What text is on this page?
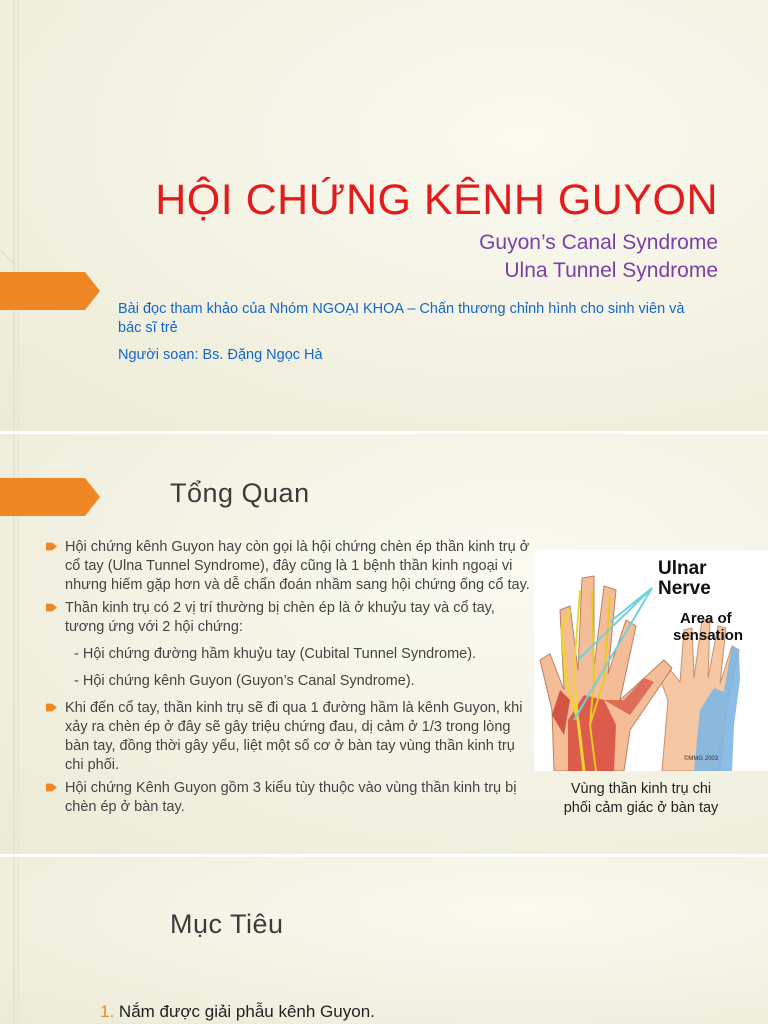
HỘI CHỨNG KÊNH GUYON
Guyon’s Canal Syndrome
Ulna Tunnel Syndrome
Bài đọc tham khảo của Nhóm NGOẠI KHOA – Chấn thương chỉnh hình cho sinh viên và bác sĩ trẻ
Người soạn: Bs. Đặng Ngọc Hà
Tổng Quan
Hội chứng kênh Guyon hay còn gọi là hội chứng chèn ép thần kinh trụ ở cổ tay (Ulna Tunnel Syndrome), đây cũng là 1 bệnh thần kinh ngoại vi nhưng hiếm gặp hơn và dễ chẩn đoán nhầm sang hội chứng ống cổ tay.
Thần kinh trụ có 2 vị trí thường bị chèn ép là ở khuỷu tay và cổ tay, tương ứng với 2 hội chứng:
- Hội chứng đường hầm khuỷu tay (Cubital Tunnel Syndrome).
- Hội chứng kênh Guyon (Guyon’s Canal Syndrome).
Khi đến cổ tay, thần kinh trụ sẽ đi qua 1 đường hầm là kênh Guyon, khi xảy ra chèn ép ở đây sẽ gây triệu chứng đau, dị cảm ở 1/3 trong lòng bàn tay, đồng thời gây yếu, liệt một số cơ ở bàn tay vùng thần kinh trụ chi phối.
Hội chứng Kênh Guyon gồm 3 kiểu tùy thuộc vào vùng thần kinh trụ bị chèn ép ở bàn tay.
Ulnar
Nerve
Area of
sensation
©MMG 2003
Vùng thần kinh trụ chi phối cảm giác ở bàn tay
Mục Tiêu
1. Nắm được giải phẫu kênh Guyon.
